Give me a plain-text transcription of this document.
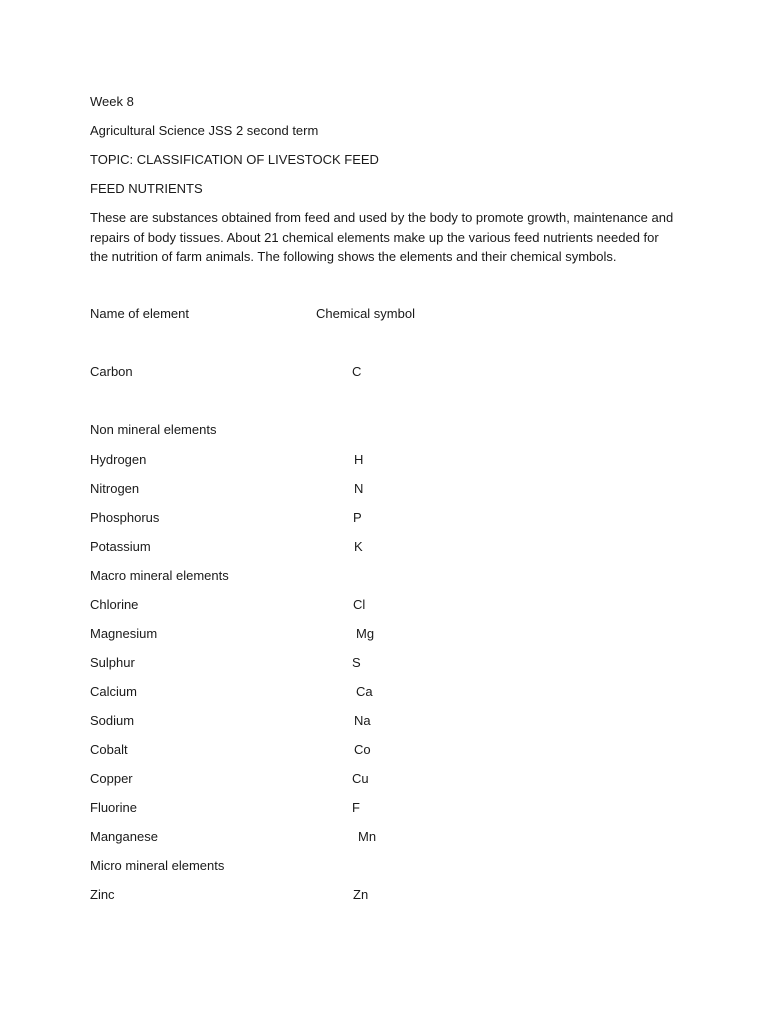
Week 8

Agricultural Science JSS 2 second term

TOPIC: CLASSIFICATION OF LIVESTOCK FEED

FEED NUTRIENTS

These are substances obtained from feed and used by the body to promote growth, maintenance and repairs of body tissues. About 21 chemical elements make up the various feed nutrients needed for the nutrition of farm animals. The following shows the elements and their chemical symbols.

Name of element	Chemical symbol
Carbon	C

Non mineral elements

Hydrogen	H
Nitrogen	N
Phosphorus	P
Potassium	K

Macro mineral elements

Chlorine	Cl
Magnesium	Mg
Sulphur	S
Calcium	Ca
Sodium	Na
Cobalt	Co
Copper	Cu
Fluorine	F
Manganese	Mn

Micro mineral elements

Zinc	Zn
